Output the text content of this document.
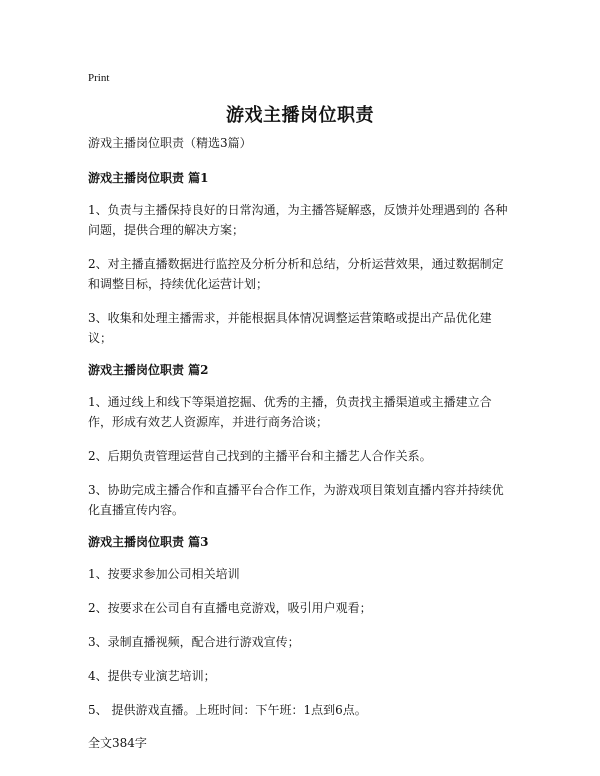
Print
游戏主播岗位职责

游戏主播岗位职责（精选3篇）

游戏主播岗位职责 篇1

1、负责与主播保持良好的日常沟通，为主播答疑解惑，反馈并处理遇到的 各种问题，提供合理的解决方案；

2、对主播直播数据进行监控及分析分析和总结，分析运营效果，通过数据制定和调整目标，持续优化运营计划；

3、收集和处理主播需求，并能根据具体情况调整运营策略或提出产品优化建议；

游戏主播岗位职责 篇2

1、通过线上和线下等渠道挖掘、优秀的主播，负责找主播渠道或主播建立合作，形成有效艺人资源库，并进行商务洽谈；

2、后期负责管理运营自己找到的主播平台和主播艺人合作关系。

3、协助完成主播合作和直播平台合作工作，为游戏项目策划直播内容并持续优化直播宣传内容。

游戏主播岗位职责 篇3

1、按要求参加公司相关培训

2、按要求在公司自有直播电竞游戏，吸引用户观看；

3、录制直播视频，配合进行游戏宣传；

4、提供专业演艺培训；

5、 提供游戏直播。上班时间：下午班：1点到6点。

全文384字
